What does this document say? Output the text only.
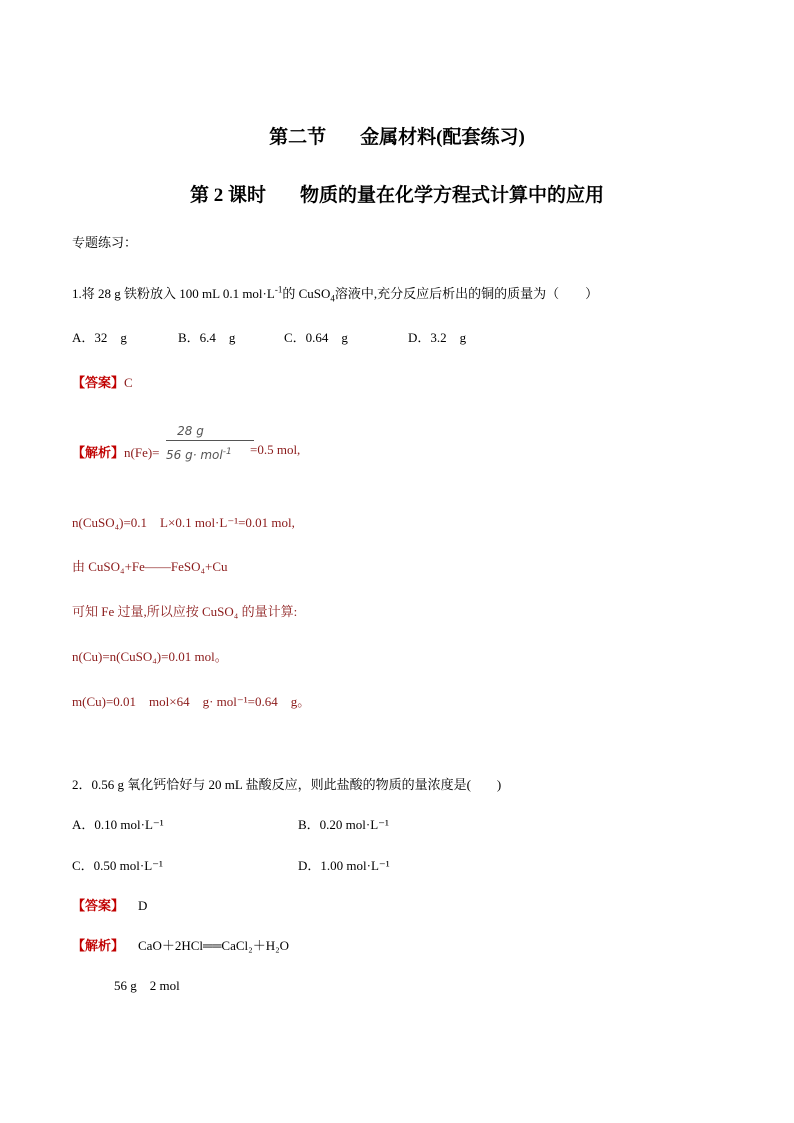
第二节 金属材料(配套练习)
第 2 课时 物质的量在化学方程式计算中的应用
专题练习：
1.将 28 g 铁粉放入 100 mL 0.1 $mol\cdot L^{-1}$的 CuSO$_4$溶液中,充分反应后析出的铜的质量为（　　）
A．32　g	B．6.4　g	C．0.64　g	D．3.2　g
【答案】C
【解析】n(Fe)=
28 g
56 g· mol$^{-1}$ =0.5 mol,
n(CuSO₄)=0.1　L×0.1 mol·L⁻¹=0.01 mol,
由 CuSO₄+Fe——FeSO₄+Cu
可知 Fe 过量,所以应按 CuSO₄ 的量计算:
n(Cu)=n(CuSO₄)=0.01 mol。
m(Cu)=0.01　mol×64　g· mol⁻¹=0.64　g。
2．0.56 g 氧化钙恰好与 20 mL 盐酸反应，则此盐酸的物质的量浓度是(　　)
A．0.10 mol·L⁻¹	B．0.20 mol·L⁻¹
C．0.50 mol·L⁻¹	D．1.00 mol·L⁻¹
【答案】 D
【解析】 CaO＋2HCl══CaCl₂＋H₂O
56 g　2 mol
